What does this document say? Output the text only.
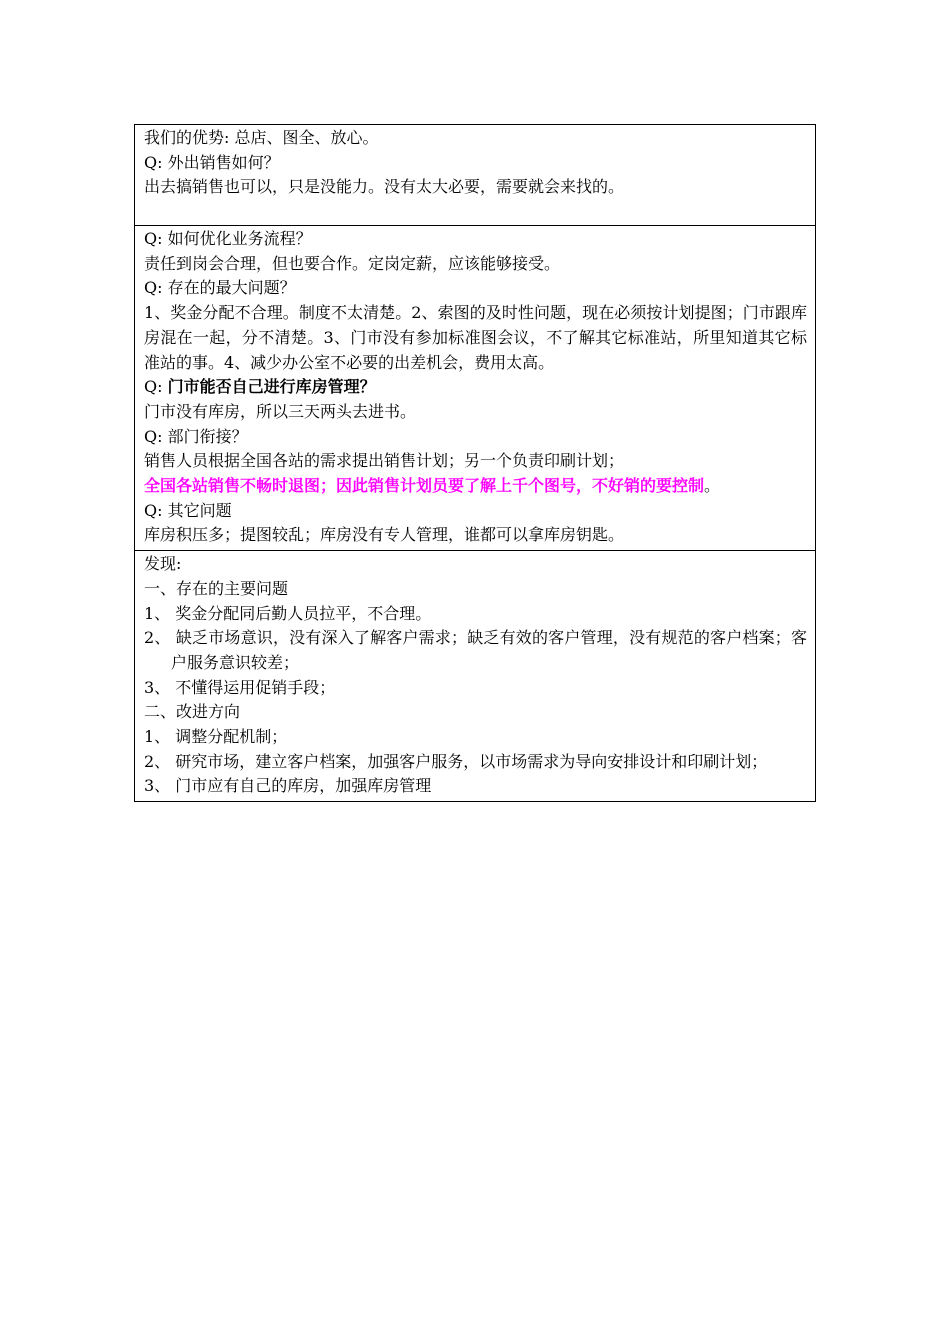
我们的优势: 总店、图全、放心。
Q: 外出销售如何？
出去搞销售也可以，只是没能力。没有太大必要，需要就会来找的。

Q: 如何优化业务流程？
责任到岗会合理，但也要合作。定岗定薪，应该能够接受。
Q: 存在的最大问题？
1、奖金分配不合理。制度不太清楚。2、索图的及时性问题，现在必须按计划提图；门市跟库房混在一起，分不清楚。3、门市没有参加标准图会议，不了解其它标准站，所里知道其它标准站的事。4、减少办公室不必要的出差机会，费用太高。
Q: 门市能否自己进行库房管理？
门市没有库房，所以三天两头去进书。
Q: 部门衔接？
销售人员根据全国各站的需求提出销售计划；另一个负责印刷计划；
全国各站销售不畅时退图；因此销售计划员要了解上千个图号，不好销的要控制。
Q: 其它问题
库房积压多；提图较乱；库房没有专人管理，谁都可以拿库房钥匙。

发现:
一、存在的主要问题
1、 奖金分配同后勤人员拉平，不合理。
2、 缺乏市场意识，没有深入了解客户需求；缺乏有效的客户管理，没有规范的客户档案；客户服务意识较差；
3、 不懂得运用促销手段；
二、改进方向
1、 调整分配机制；
2、 研究市场，建立客户档案，加强客户服务，以市场需求为导向安排设计和印刷计划；
3、 门市应有自己的库房，加强库房管理
